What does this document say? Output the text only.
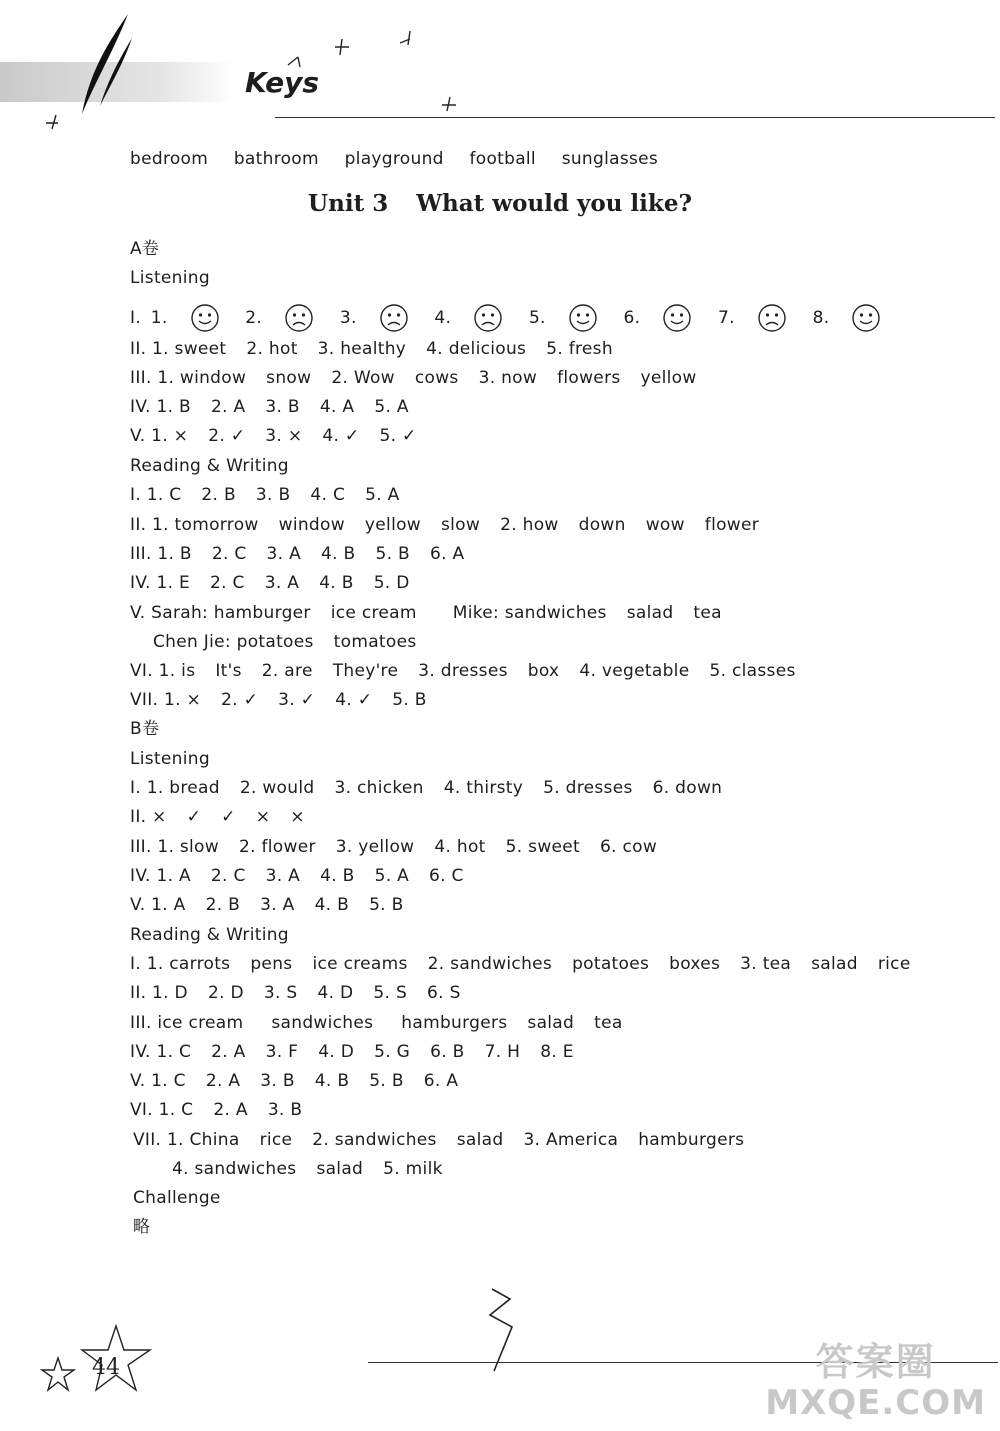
Keys
bedroom bathroom playground football sunglasses
Unit 3 What would you like?
A卷
Listening
I. 1.	2.	3.	4.	5.	6.	7.	8.
II. 1. sweet 2. hot 3. healthy 4. delicious 5. fresh
III. 1. window snow 2. Wow cows 3. now flowers yellow
IV. 1. B 2. A 3. B 4. A 5. A
V. 1. × 2. ✓ 3. × 4. ✓ 5. ✓
Reading & Writing
I. 1. C 2. B 3. B 4. C 5. A
II. 1. tomorrow window yellow slow 2. how down wow flower
III. 1. B 2. C 3. A 4. B 5. B 6. A
IV. 1. E 2. C 3. A 4. B 5. D
V. Sarah: hamburger ice cream Mike: sandwiches salad tea
Chen Jie: potatoes tomatoes
VI. 1. is It's 2. are They're 3. dresses box 4. vegetable 5. classes
VII. 1. × 2. ✓ 3. ✓ 4. ✓ 5. B
B卷
Listening
I. 1. bread 2. would 3. chicken 4. thirsty 5. dresses 6. down
II. × ✓ ✓ × ×
III. 1. slow 2. flower 3. yellow 4. hot 5. sweet 6. cow
IV. 1. A 2. C 3. A 4. B 5. A 6. C
V. 1. A 2. B 3. A 4. B 5. B
Reading & Writing
I. 1. carrots pens ice creams 2. sandwiches potatoes boxes 3. tea salad rice
II. 1. D 2. D 3. S 4. D 5. S 6. S
III. ice cream sandwiches hamburgers salad tea
IV. 1. C 2. A 3. F 4. D 5. G 6. B 7. H 8. E
V. 1. C 2. A 3. B 4. B 5. B 6. A
VI. 1. C 2. A 3. B
VII. 1. China rice 2. sandwiches salad 3. America hamburgers
4. sandwiches salad 5. milk
Challenge
略
44	答案圈
MXQE.COM
